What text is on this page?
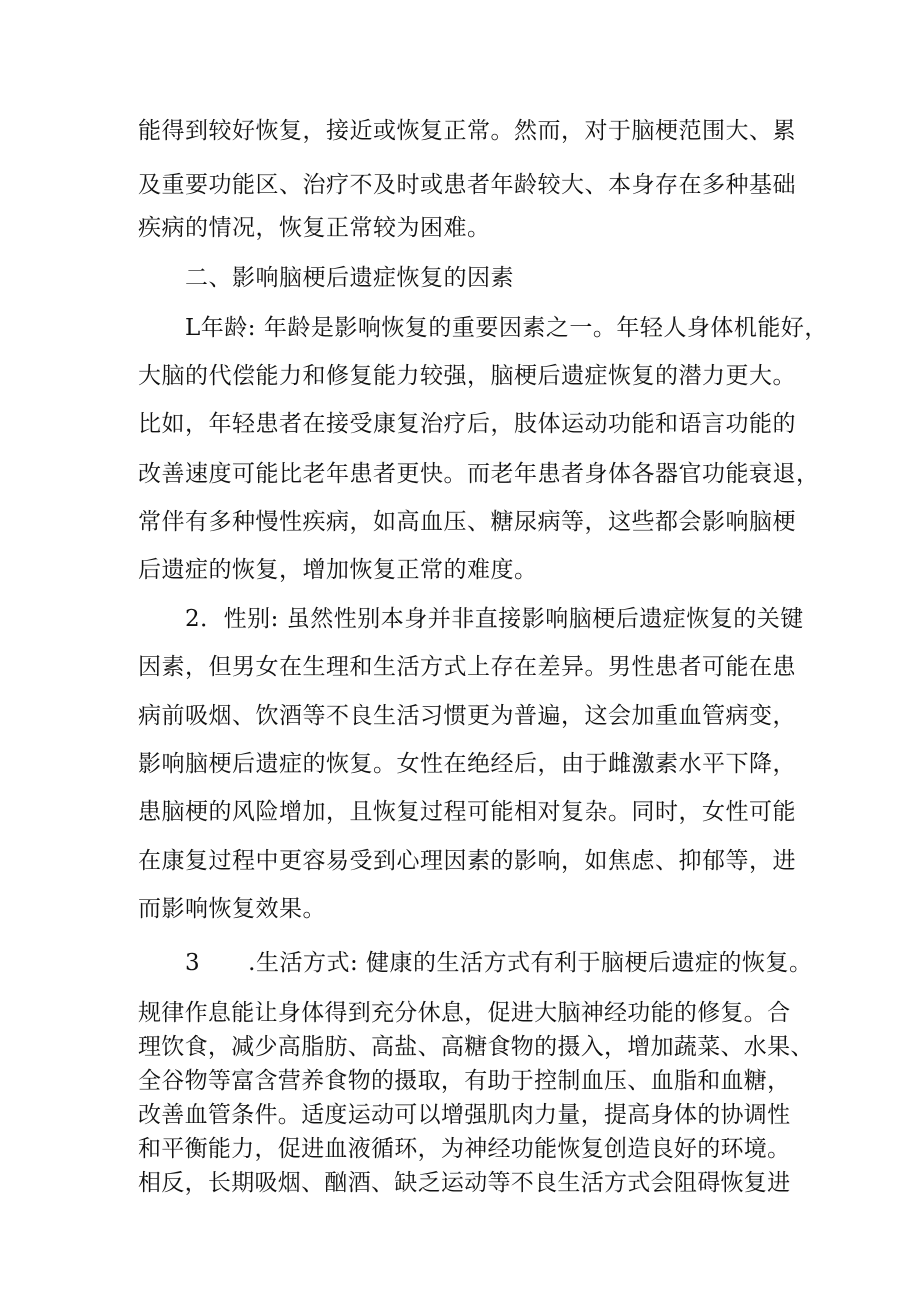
能得到较好恢复，接近或恢复正常。然而，对于脑梗范围大、累
及重要功能区、治疗不及时或患者年龄较大、本身存在多种基础
疾病的情况，恢复正常较为困难。
二、影响脑梗后遗症恢复的因素
L年龄: 年龄是影响恢复的重要因素之一。年轻人身体机能好，
大脑的代偿能力和修复能力较强，脑梗后遗症恢复的潜力更大。
比如，年轻患者在接受康复治疗后，肢体运动功能和语言功能的
改善速度可能比老年患者更快。而老年患者身体各器官功能衰退，
常伴有多种慢性疾病，如高血压、糖尿病等，这些都会影响脑梗
后遗症的恢复，增加恢复正常的难度。
2．性别: 虽然性别本身并非直接影响脑梗后遗症恢复的关键
因素，但男女在生理和生活方式上存在差异。男性患者可能在患
病前吸烟、饮酒等不良生活习惯更为普遍，这会加重血管病变，
影响脑梗后遗症的恢复。女性在绝经后，由于雌激素水平下降，
患脑梗的风险增加，且恢复过程可能相对复杂。同时，女性可能
在康复过程中更容易受到心理因素的影响，如焦虑、抑郁等，进
而影响恢复效果。
3 .生活方式: 健康的生活方式有利于脑梗后遗症的恢复。
规律作息能让身体得到充分休息，促进大脑神经功能的修复。合
理饮食，减少高脂肪、高盐、高糖食物的摄入，增加蔬菜、水果、
全谷物等富含营养食物的摄取，有助于控制血压、血脂和血糖，
改善血管条件。适度运动可以增强肌肉力量，提高身体的协调性
和平衡能力，促进血液循环，为神经功能恢复创造良好的环境。
相反，长期吸烟、酗酒、缺乏运动等不良生活方式会阻碍恢复进
